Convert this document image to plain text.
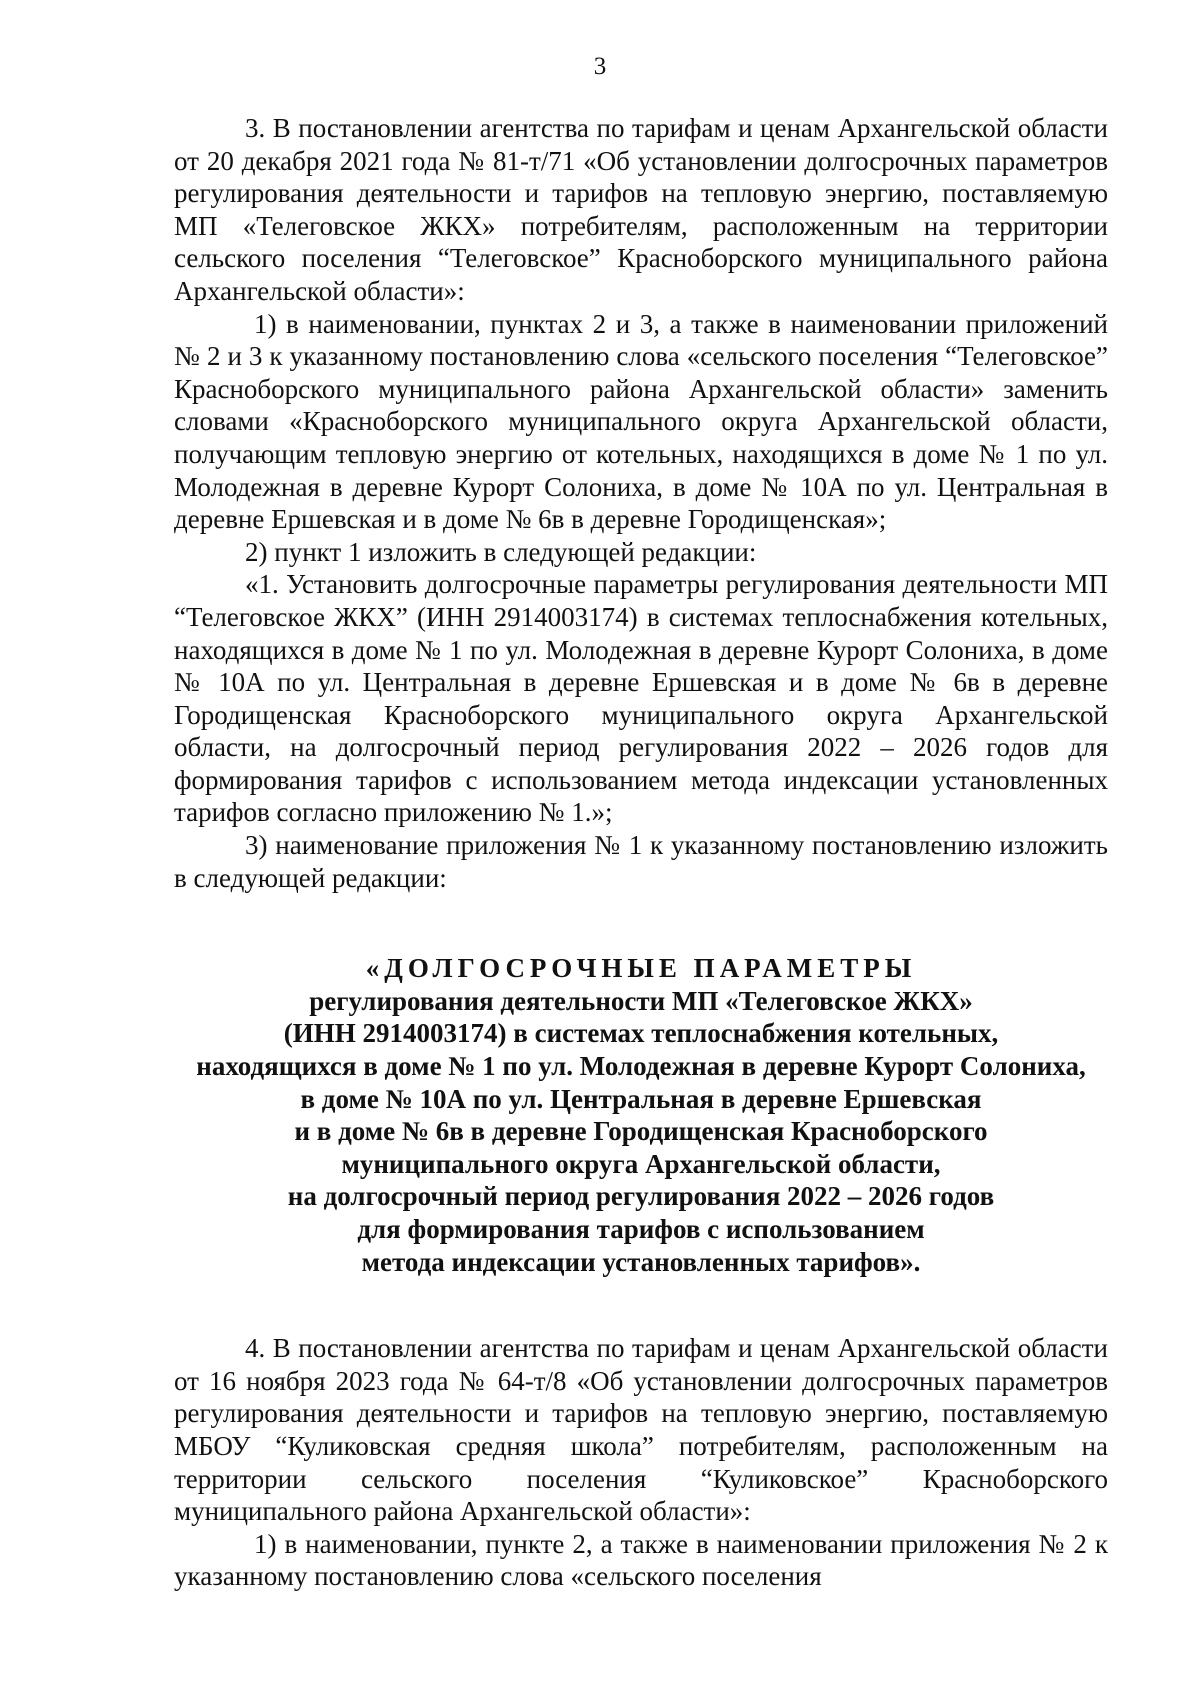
3

3. В постановлении агентства по тарифам и ценам Архангельской области от 20 декабря 2021 года № 81-т/71 «Об установлении долгосрочных параметров регулирования деятельности и тарифов на тепловую энергию, поставляемую МП «Телеговское ЖКХ» потребителям, расположенным на территории сельского поселения “Телеговское” Красноборского муниципального района Архангельской области»:

1) в наименовании, пунктах 2 и 3, а также в наименовании приложений № 2 и 3 к указанному постановлению слова «сельского поселения “Телеговское” Красноборского муниципального района Архангельской области» заменить словами «Красноборского муниципального округа Архангельской области, получающим тепловую энергию от котельных, находящихся в доме № 1 по ул. Молодежная в деревне Курорт Солониха, в доме № 10А по ул. Центральная в деревне Ершевская и в доме № 6в в деревне Городищенская»;

2) пункт 1 изложить в следующей редакции:

«1. Установить долгосрочные параметры регулирования деятельности МП “Телеговское ЖКХ” (ИНН 2914003174) в системах теплоснабжения котельных, находящихся в доме № 1 по ул. Молодежная в деревне Курорт Солониха, в доме № 10А по ул. Центральная в деревне Ершевская и в доме № 6в в деревне Городищенская Красноборского муниципального округа Архангельской области, на долгосрочный период регулирования 2022 – 2026 годов для формирования тарифов с использованием метода индексации установленных тарифов согласно приложению № 1.»;

3) наименование приложения № 1 к указанному постановлению изложить в следующей редакции:

«ДОЛГОСРОЧНЫЕ ПАРАМЕТРЫ
регулирования деятельности МП «Телеговское ЖКХ»
(ИНН 2914003174) в системах теплоснабжения котельных,
находящихся в доме № 1 по ул. Молодежная в деревне Курорт Солониха,
в доме № 10А по ул. Центральная в деревне Ершевская
и в доме № 6в в деревне Городищенская Красноборского
муниципального округа Архангельской области,
на долгосрочный период регулирования 2022 – 2026 годов
для формирования тарифов с использованием
метода индексации установленных тарифов».

4. В постановлении агентства по тарифам и ценам Архангельской области от 16 ноября 2023 года № 64-т/8 «Об установлении долгосрочных параметров регулирования деятельности и тарифов на тепловую энергию, поставляемую МБОУ “Куликовская средняя школа” потребителям, расположенным на территории сельского поселения “Куликовское” Красноборского муниципального района Архангельской области»:

1) в наименовании, пункте 2, а также в наименовании приложения № 2 к указанному постановлению слова «сельского поселения
